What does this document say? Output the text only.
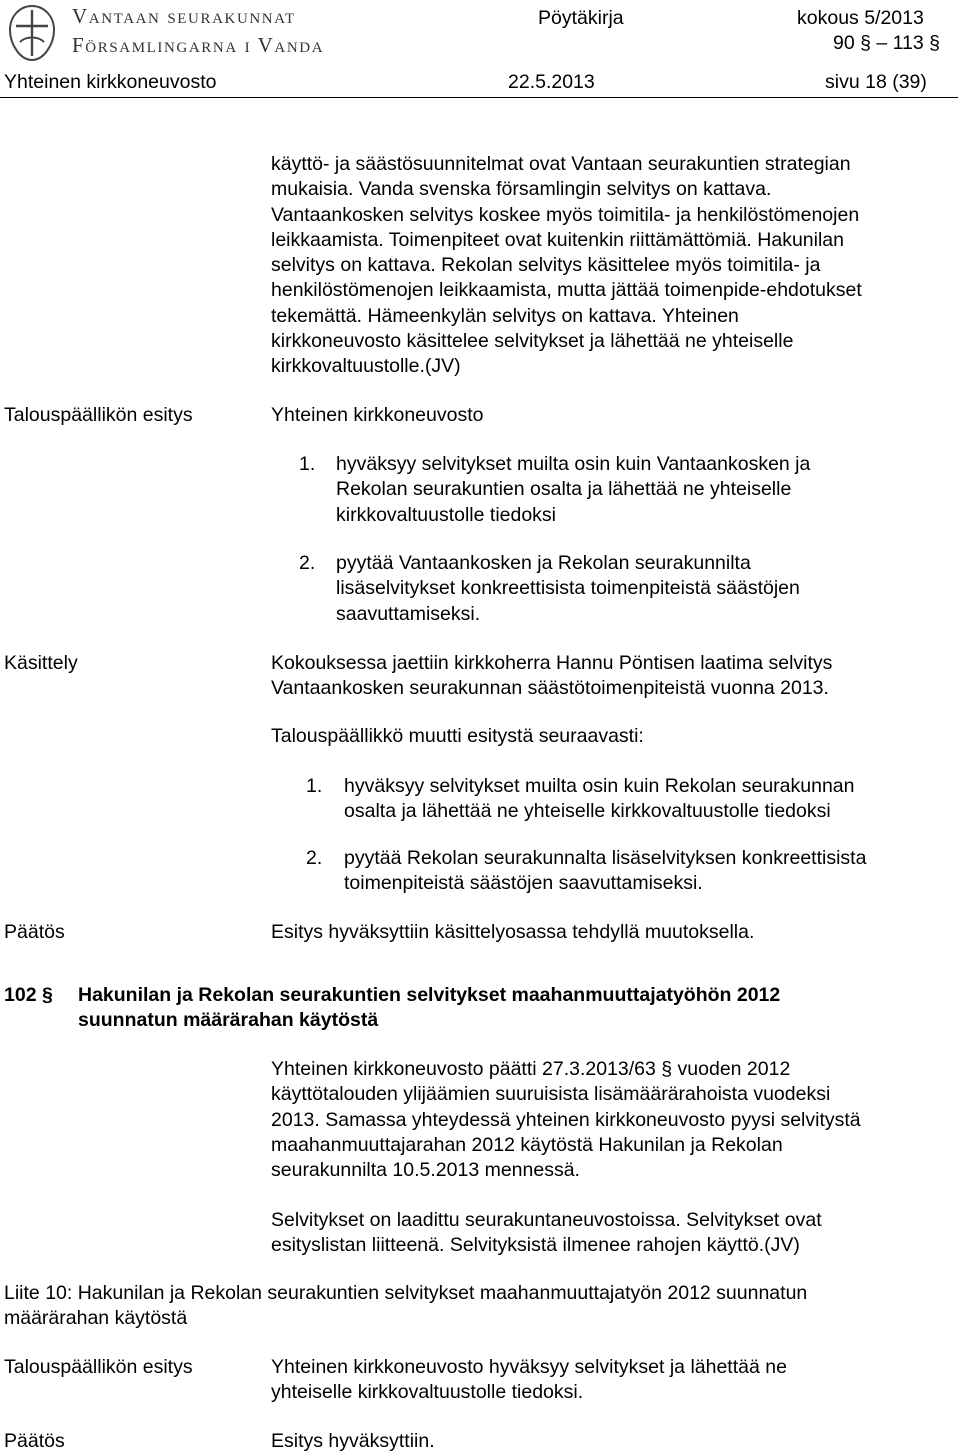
Vantaan seurakunnat
Församlingarna i Vanda
Pöytäkirja	kokous 5/2013
90 § – 113 §
Yhteinen kirkkoneuvosto	22.5.2013	sivu 18 (39)
käyttö- ja säästösuunnitelmat ovat Vantaan seurakuntien strategian
mukaisia. Vanda svenska församlingin selvitys on kattava.
Vantaankosken selvitys koskee myös toimitila- ja henkilöstömenojen
leikkaamista. Toimenpiteet ovat kuitenkin riittämättömiä. Hakunilan
selvitys on kattava. Rekolan selvitys käsittelee myös toimitila- ja
henkilöstömenojen leikkaamista, mutta jättää toimenpide-ehdotukset
tekemättä. Hämeenkylän selvitys on kattava. Yhteinen
kirkkoneuvosto käsittelee selvitykset ja lähettää ne yhteiselle
kirkkovaltuustolle.(JV)
Talouspäällikön esitys	Yhteinen kirkkoneuvosto
1. hyväksyy selvitykset muilta osin kuin Vantaankosken ja
Rekolan seurakuntien osalta ja lähettää ne yhteiselle
kirkkovaltuustolle tiedoksi
2. pyytää Vantaankosken ja Rekolan seurakunnilta
lisäselvitykset konkreettisista toimenpiteistä säästöjen
saavuttamiseksi.
Käsittely	Kokouksessa jaettiin kirkkoherra Hannu Pöntisen laatima selvitys
Vantaankosken seurakunnan säästötoimenpiteistä vuonna 2013.
Talouspäällikkö muutti esitystä seuraavasti:
1. hyväksyy selvitykset muilta osin kuin Rekolan seurakunnan
osalta ja lähettää ne yhteiselle kirkkovaltuustolle tiedoksi
2. pyytää Rekolan seurakunnalta lisäselvityksen konkreettisista
toimenpiteistä säästöjen saavuttamiseksi.
Päätös	Esitys hyväksyttiin käsittelyosassa tehdyllä muutoksella.
102 § Hakunilan ja Rekolan seurakuntien selvitykset maahanmuuttajatyöhön 2012
suunnatun määrärahan käytöstä
Yhteinen kirkkoneuvosto päätti 27.3.2013/63 § vuoden 2012
käyttötalouden ylijäämien suuruisista lisämäärärahoista vuodeksi
2013. Samassa yhteydessä yhteinen kirkkoneuvosto pyysi selvitystä
maahanmuuttajarahan 2012 käytöstä Hakunilan ja Rekolan
seurakunnilta 10.5.2013 mennessä.
Selvitykset on laadittu seurakuntaneuvostoissa. Selvitykset ovat
esityslistan liitteenä. Selvityksistä ilmenee rahojen käyttö.(JV)
Liite 10: Hakunilan ja Rekolan seurakuntien selvitykset maahanmuuttajatyön 2012 suunnatun
määrärahan käytöstä
Talouspäällikön esitys	Yhteinen kirkkoneuvosto hyväksyy selvitykset ja lähettää ne
yhteiselle kirkkovaltuustolle tiedoksi.
Päätös	Esitys hyväksyttiin.
